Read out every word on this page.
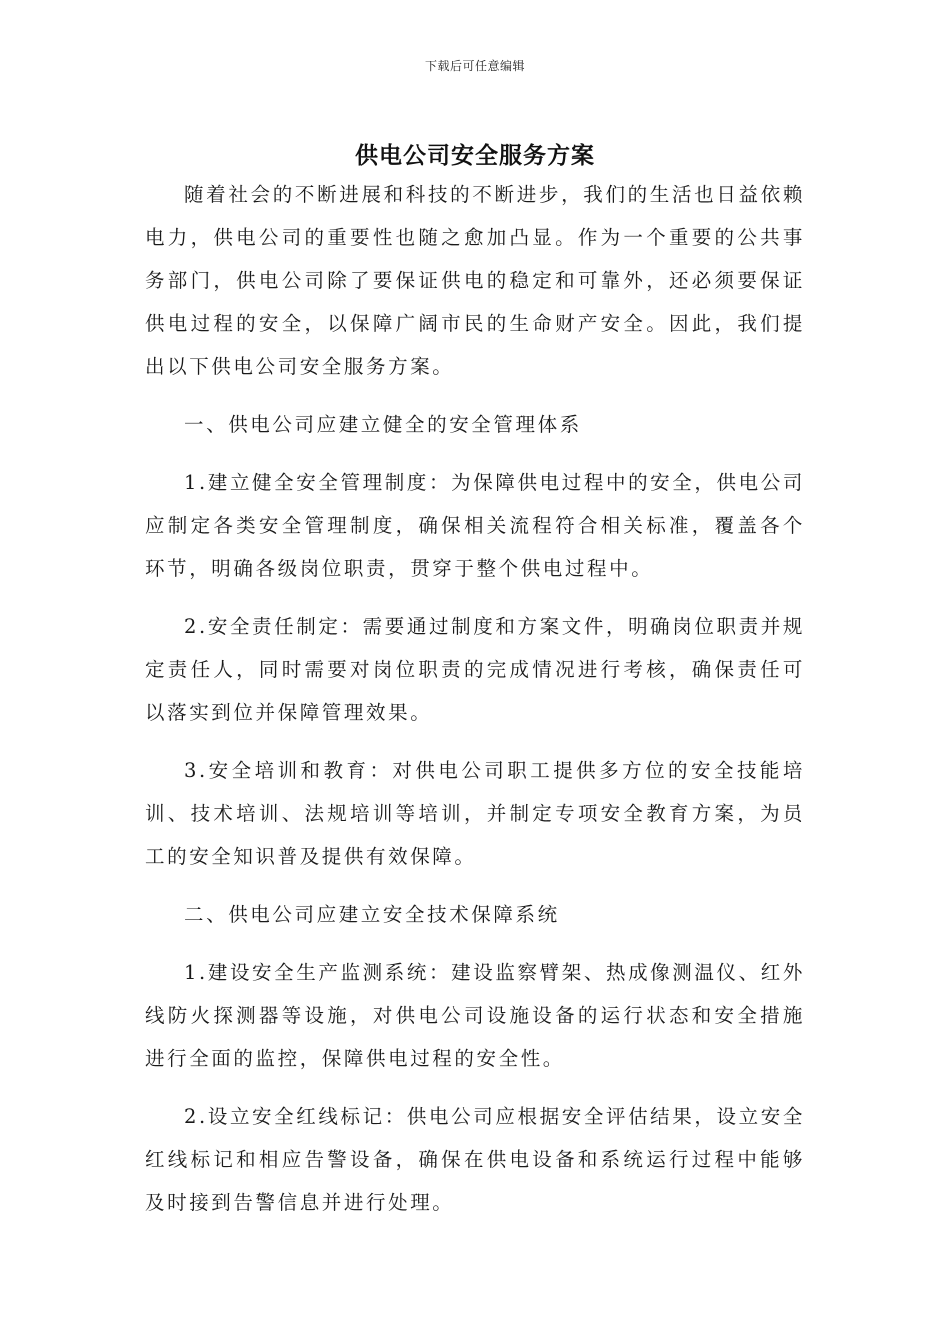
下载后可任意编辑
供电公司安全服务方案

随着社会的不断进展和科技的不断进步，我们的生活也日益依赖电力，供电公司的重要性也随之愈加凸显。作为一个重要的公共事务部门，供电公司除了要保证供电的稳定和可靠外，还必须要保证供电过程的安全，以保障广阔市民的生命财产安全。因此，我们提出以下供电公司安全服务方案。

一、供电公司应建立健全的安全管理体系

1.建立健全安全管理制度：为保障供电过程中的安全，供电公司应制定各类安全管理制度，确保相关流程符合相关标准，覆盖各个环节，明确各级岗位职责，贯穿于整个供电过程中。

2.安全责任制定：需要通过制度和方案文件，明确岗位职责并规定责任人，同时需要对岗位职责的完成情况进行考核，确保责任可以落实到位并保障管理效果。

3.安全培训和教育：对供电公司职工提供多方位的安全技能培训、技术培训、法规培训等培训，并制定专项安全教育方案，为员工的安全知识普及提供有效保障。

二、供电公司应建立安全技术保障系统

1.建设安全生产监测系统：建设监察臂架、热成像测温仪、红外线防火探测器等设施，对供电公司设施设备的运行状态和安全措施进行全面的监控，保障供电过程的安全性。

2.设立安全红线标记：供电公司应根据安全评估结果，设立安全红线标记和相应告警设备，确保在供电设备和系统运行过程中能够及时接到告警信息并进行处理。
